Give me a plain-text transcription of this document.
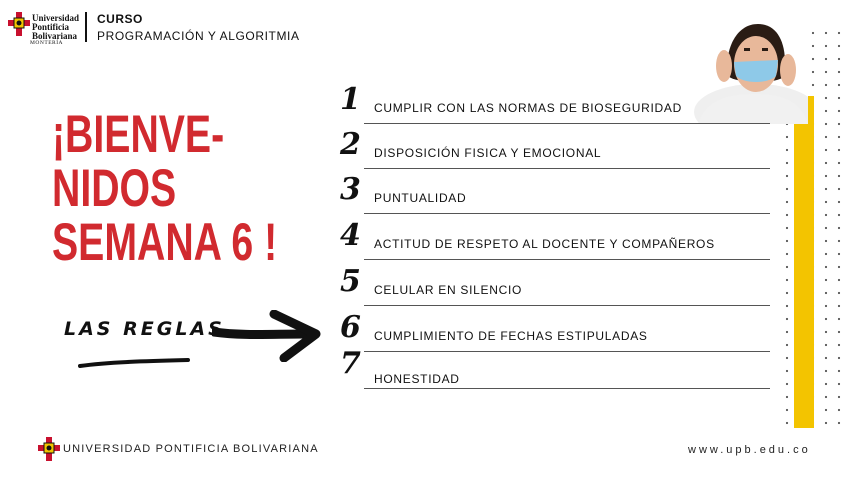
Universidad
Pontificia
Bolivariana
MONTERÍA
CURSO
PROGRAMACIÓN Y ALGORITMIA
¡BIENVE-
NIDOS
SEMANA 6 !
LAS REGLAS
1 CUMPLIR CON LAS NORMAS DE BIOSEGURIDAD
2 DISPOSICIÓN FISICA Y EMOCIONAL
3 PUNTUALIDAD
4 ACTITUD DE RESPETO AL DOCENTE Y COMPAÑEROS
5 CELULAR EN SILENCIO
6 CUMPLIMIENTO DE FECHAS ESTIPULADAS
7 HONESTIDAD
UNIVERSIDAD PONTIFICIA BOLIVARIANA	www.upb.edu.co
